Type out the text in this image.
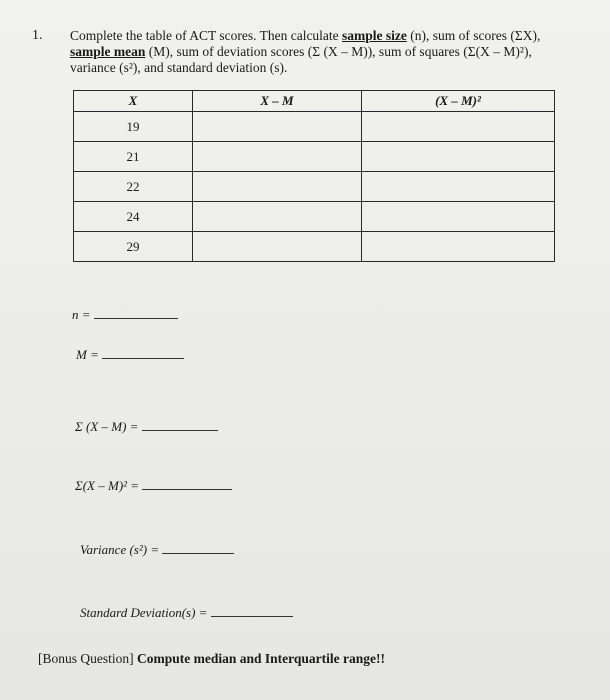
1. Complete the table of ACT scores. Then calculate sample size (n), sum of scores (ΣX),
sample mean (M), sum of deviation scores (Σ (X – M)), sum of squares (Σ(X – M)²),
variance (s²), and standard deviation (s).
X	X – M	(X – M)²
19		
21		
22		
24		
29		
n =
M =
Σ (X – M) =
Σ(X – M)² =
Variance (s²) =
Standard Deviation(s) =
[Bonus Question] Compute median and Interquartile range!!
